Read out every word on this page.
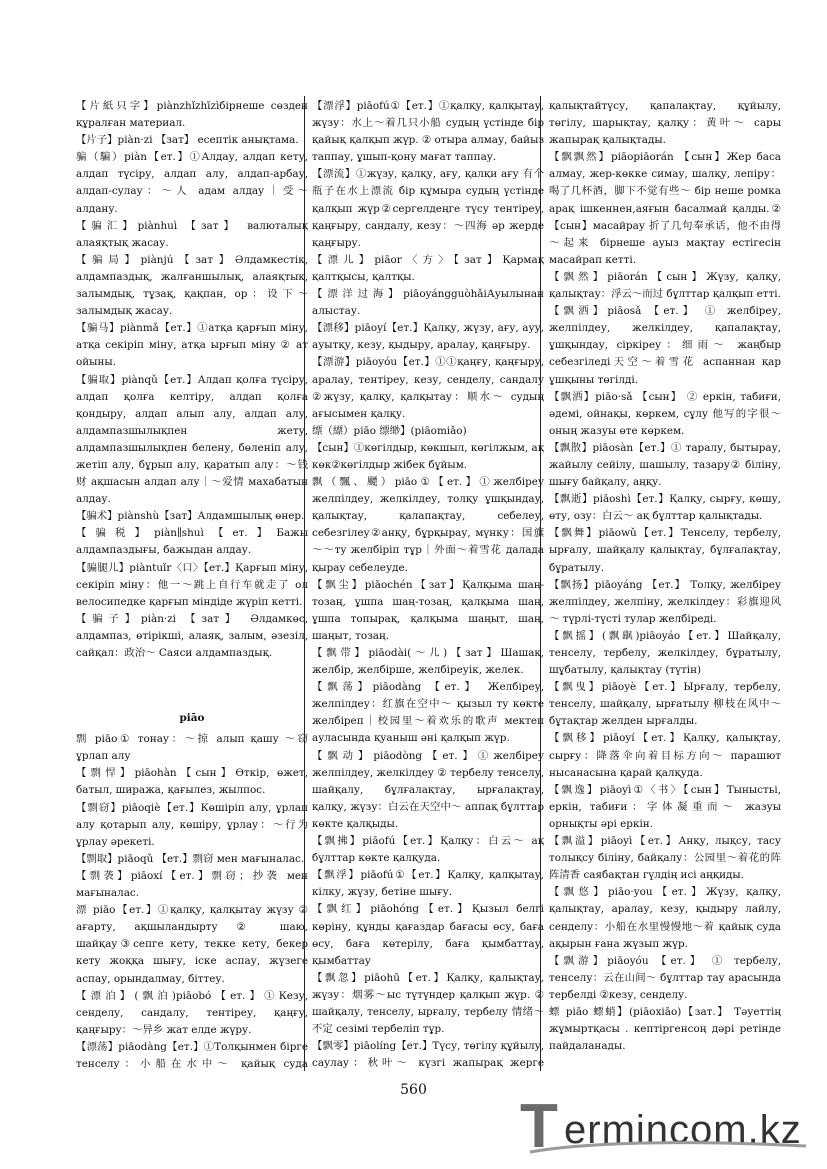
【片紙只字】piànzhǐzhīzìбірнеше сөзден құралған материал.

【片子】piàn·zi 【зат】 есептік анықтама.

骗（騙）piàn【ет.】①Алдау, алдап кету, алдап түсіру, алдап алу, алдап-арбау, алдап-сулау：～人 адам алдау｜受～ алдану.

【骗汇】piànhuì 【зат】 валюталық алаяқтық жасау.

【骗局】piànjú【зат】Әлдамкестік, алдампаздық, жалғаншылық, алаяқтық, залымдық, тұзақ, қақпан, ор：设下～ залымдық жасау.

【骗马】piànmǎ【ет.】①атқа қарғып міну, атқа секіріп міну, атқа ырғып міну ② ат ойыны.

【骗取】piànqǔ【ет.】Алдап қолға түсіру, алдап қолға келтіру, алдап қолға қондыру, алдап алып алу, алдап алу, алдампазшылықпен жету, алдампазшылықпен белену, бөленіп алу, жетіп алу, бұрып алу, қаратып алу：～钱财 ақшасын алдап алу｜～爱情 махабатын алдау.

【骗术】piànshù【зат】Алдамшылық өнер.

【骗税】piàn∥shuì【ет.】Бажы алдампаздығы, бажыдан алдау.

【骗腿儿】piàntuǐr〈口〉【ет.】Қарғып міну, секіріп міну：他一～跳上自行车就走了 ол велосипедке қарғып міндіде жүріп кетті.

【骗子】piàn·zi 【зат】 Әлдамкөс, алдампаз, өтірікші, алаяқ, залым, әзезіл, сайқал：政治～ Саяси алдампаздық.

piāo

剽 piāo① тонау：～掠 алып қашу ～窃 ұрлап алу

【剽悍】piāohàn【сын】Өткір, өжет, батыл, шиража, қағылез, жылпос.

【剽窃】piāoqiè【ет.】Көшіріп алу, ұрлап алу қотарып алу, көшіру, ұрлау：～行为 ұрлау әрекеті.

【剽取】piāoqǔ 【ет.】剽窃 мен мағыналас.

【剽袭】piāoxí【ет.】剽窃；抄袭 мен мағыналас.

漂 piāo【ет.】①қалқу, қалқытау жүзу ② ағарту, ақшыландырту ② шаю, шайқау③сепге кету, текке кету, бекер кету жоққа шығу, іске аспау, жүзеге аспау, орындалмау, біттеу.

【漂泊】(飘泊)piāobó【ет.】①Кезу, сенделу, сандалу, тентіреу, қаңғу, қаңғыру：～异乡 жат елде жүру.

【漂荡】piāodàng【ет.】①Толқынмен бірге тенселу：小船在水中～ қайық суда

【漂浮】piāofú①【ет.】①қалқу, қалқытау, жүзу：水上～着几只小船 судың үстінде бір қайық қалқып жүр. ② отыра алмау, байыз таппау, ұшып-қону мағат таппау.

【漂流】①жүзу, қалқу, ағу, қалқи ағу 有个瓶子在水上漂流 бір құмыра судың үстінде қалқып жүр②сергелдеңге түсу тентіреу, қаңғыру, сандалу, кезу：～四海 әр жерде қаңғыру.

【漂儿】piāor〈方〉【зат】Қармақ қалтқысы, қалтқы.

【漂洋过海】piāoyángguòhǎiАуылынан алыстау.

【漂移】piāoyí【ет.】Қалқу, жүзу, ағу, ауу, ауытқу, кезу, қыдыру, аралау, қаңғыру.

【漂游】piāoyóu【ет.】①①қаңғу, қаңғыру, аралау, тентіреу, кезу, сенделу, сандалу ②жүзу, қалқу, қалқытау：顺水～ судың ағысымен қалқу.

缥（縹）piāo 缥缈】(piāomiǎo)

【сын】①көгілдыр, көкшыл, көгілжым, ақ көк②көгілдыр жібек бұйым.

飘（飄、飃）piāo①【ет.】①желбіреу желпілдеу, желкілдеу, толқу ұшқындау, қалықтау, қалапақтау, себелеу, себезгілеу②анқу, бұрқырау, мүнку：国旗～～ту желбіріп тұр｜外面～着雪花 далада қырау себелеуде.

【飘尘】piāochén【зат】Қалқыма шаң-тозаң, ұшпа шаң-тозаң, қалқыма шаң, ұшпа топырақ, қалқыма шаңыт, шаң, шаңыт, тозаң.

【飘带】piāodài(～儿)【зат】Шашақ, желбір, желбірше, желбіреуік, желек.

【飘荡】piāodàng 【ет.】 Желбіреу, желпілдеу：红旗在空中～ қызыл ту көкте желбіреп｜校园里～着欢乐的歌声 мектеп ауласында қуаныш әні қалқып жүр.

【飘动】piāodòng【ет.】①желбіреу желпілдеу, желкілдеу ② тербелу тенселу, шайқалу, бұлғалақтау, ырғалақтау, қалқу, жүзу：白云在天空中～ аппақ бұлттар көкте қалқыды.

【飘拂】piāofú【ет.】Қалқу：白云～ ақ бұлттар көкте қалқуда.

【飘浮】piāofú①【ет.】Қалқу, қалқытау, кілку, жүзу, бетіне шығу.

【飘红】piāohóng【ет.】Қызыл белгі көріну, құнды қағаздар бағасы өсу, баға өсу, баға көтерілу, баға қымбаттау, қымбаттау

【飘忽】piāohū【ет.】Қалқу, қалықтау, жүзу：烟雾～ыс түтүндер қалқып жүр. ② шайқалу, тенселу, ырғалу, тербелу 情绪～不定 сезімі тербеліп тұр.

【飘零】piāolíng【ет.】Түсу, төгілу құйылу, саулау：秋叶～ күзгі жапырақ жерге

қалықтайтүсу, қапалақтау, құйылу, төгілу, шарықтау, қалқу：黄叶～ сары жапырақ қалықтады.

【飘飘然】piāopiāorán 【сын】Жер баса алмау, жер-көкке симау, шалқу, лепіру：喝了几杯酒，脚下不觉有些～ бір неше ромка арақ ішкеннен,аяғын басалмай қалды.②【сын】масайрау 折了几句奉承话，他不由得～起来 бірнеше ауыз мақтау естігесін масайрап кетті.

【飘然】piāorán【сын】Жүзу, қалқу, қалықтау：浮云～而过 бұлттар қалқып етті.

【飘洒】piāosǎ 【ет.】 ① желбіреу, желпілдеу, желкілдеу, қапалақтау, ұшқындау, сіркіреу：细雨～ жаңбыр себезгіледі天空～着雪花 аспаннан қар ұшқыны төгілді.

【飘洒】piāo·sǎ 【сын】 ② еркін, табиғи, әдемі, ойнақы, көркем, сұлу 他写的字很～ оның жазуы өте көркем.

【飘散】piāosàn【ет.】① таралу, бытырау, жайылу сейілу, шашылу, тазару② білiну, шығу байқалу, аңқу.

【飘逝】piāoshì【ет.】Қалқу, сырғу, көшу, өту, озу：白云～ ақ бұлттар қалықтады.

【飘舞】piāowǔ【ет.】Тенселу, тербелу, ырғалу, шайқалу қалықтау, бұлғалақтау, бұратылу.

【飘扬】piāoyáng 【ет.】 Толқу, желбіреу желпілдеу, желпіну, желкілдеу：彩旗迎风～ түрлі-түсті тулар желбіреді.

【飘摇】(飘飖)piāoyáo【ет.】Шайқалу, тенселу, тербелу, желкілдеу, бұратылу, шұбатылу, қалықтау (түтін)

【飘曳】piāoyè【ет.】Ырғалу, тербелу, тенселу, шайқалу, ырғатылу 柳枝在风中～ бұтақтар желден ырғалды.

【飘移】piāoyí【ет.】Қалқу, қалықтау, сырғу：降落伞向着目标方向～ парашют нысанасына қарай қалқуда.

【飘逸】piāoyì①〈书〉【сын】Тыныстьі, еркін, табиғи：字体凝重而～ жазуы орнықты әрі еркін.

【飘溢】piāoyì【ет.】Анқу, лықсу, тасу толықсу білiну, байқалу：公园里～着花的阵阵清香 саябақтан гүлдің исі аңқиды.

【飘悠】piāo·you【ет.】Жүзу, қалқу, қалықтау, аралау, кезу, қыдыру лайлу, сенделу：小船在水里慢慢地～着 қайық суда ақырын ғана жүзып жүр.

【飘游】piāoyóu 【ет.】 ① тербелу, тенселу：云在山间～ бұлттар тау арасында тербелді ②кезу, сенделу.

螵 piāo 螵蛸】(piāoxiāo)【зат.】 Тәуеттің жұмыртқасы . кептiргенсоң дәрі ретінде пайдаланады.

560
T ermincom.kz
